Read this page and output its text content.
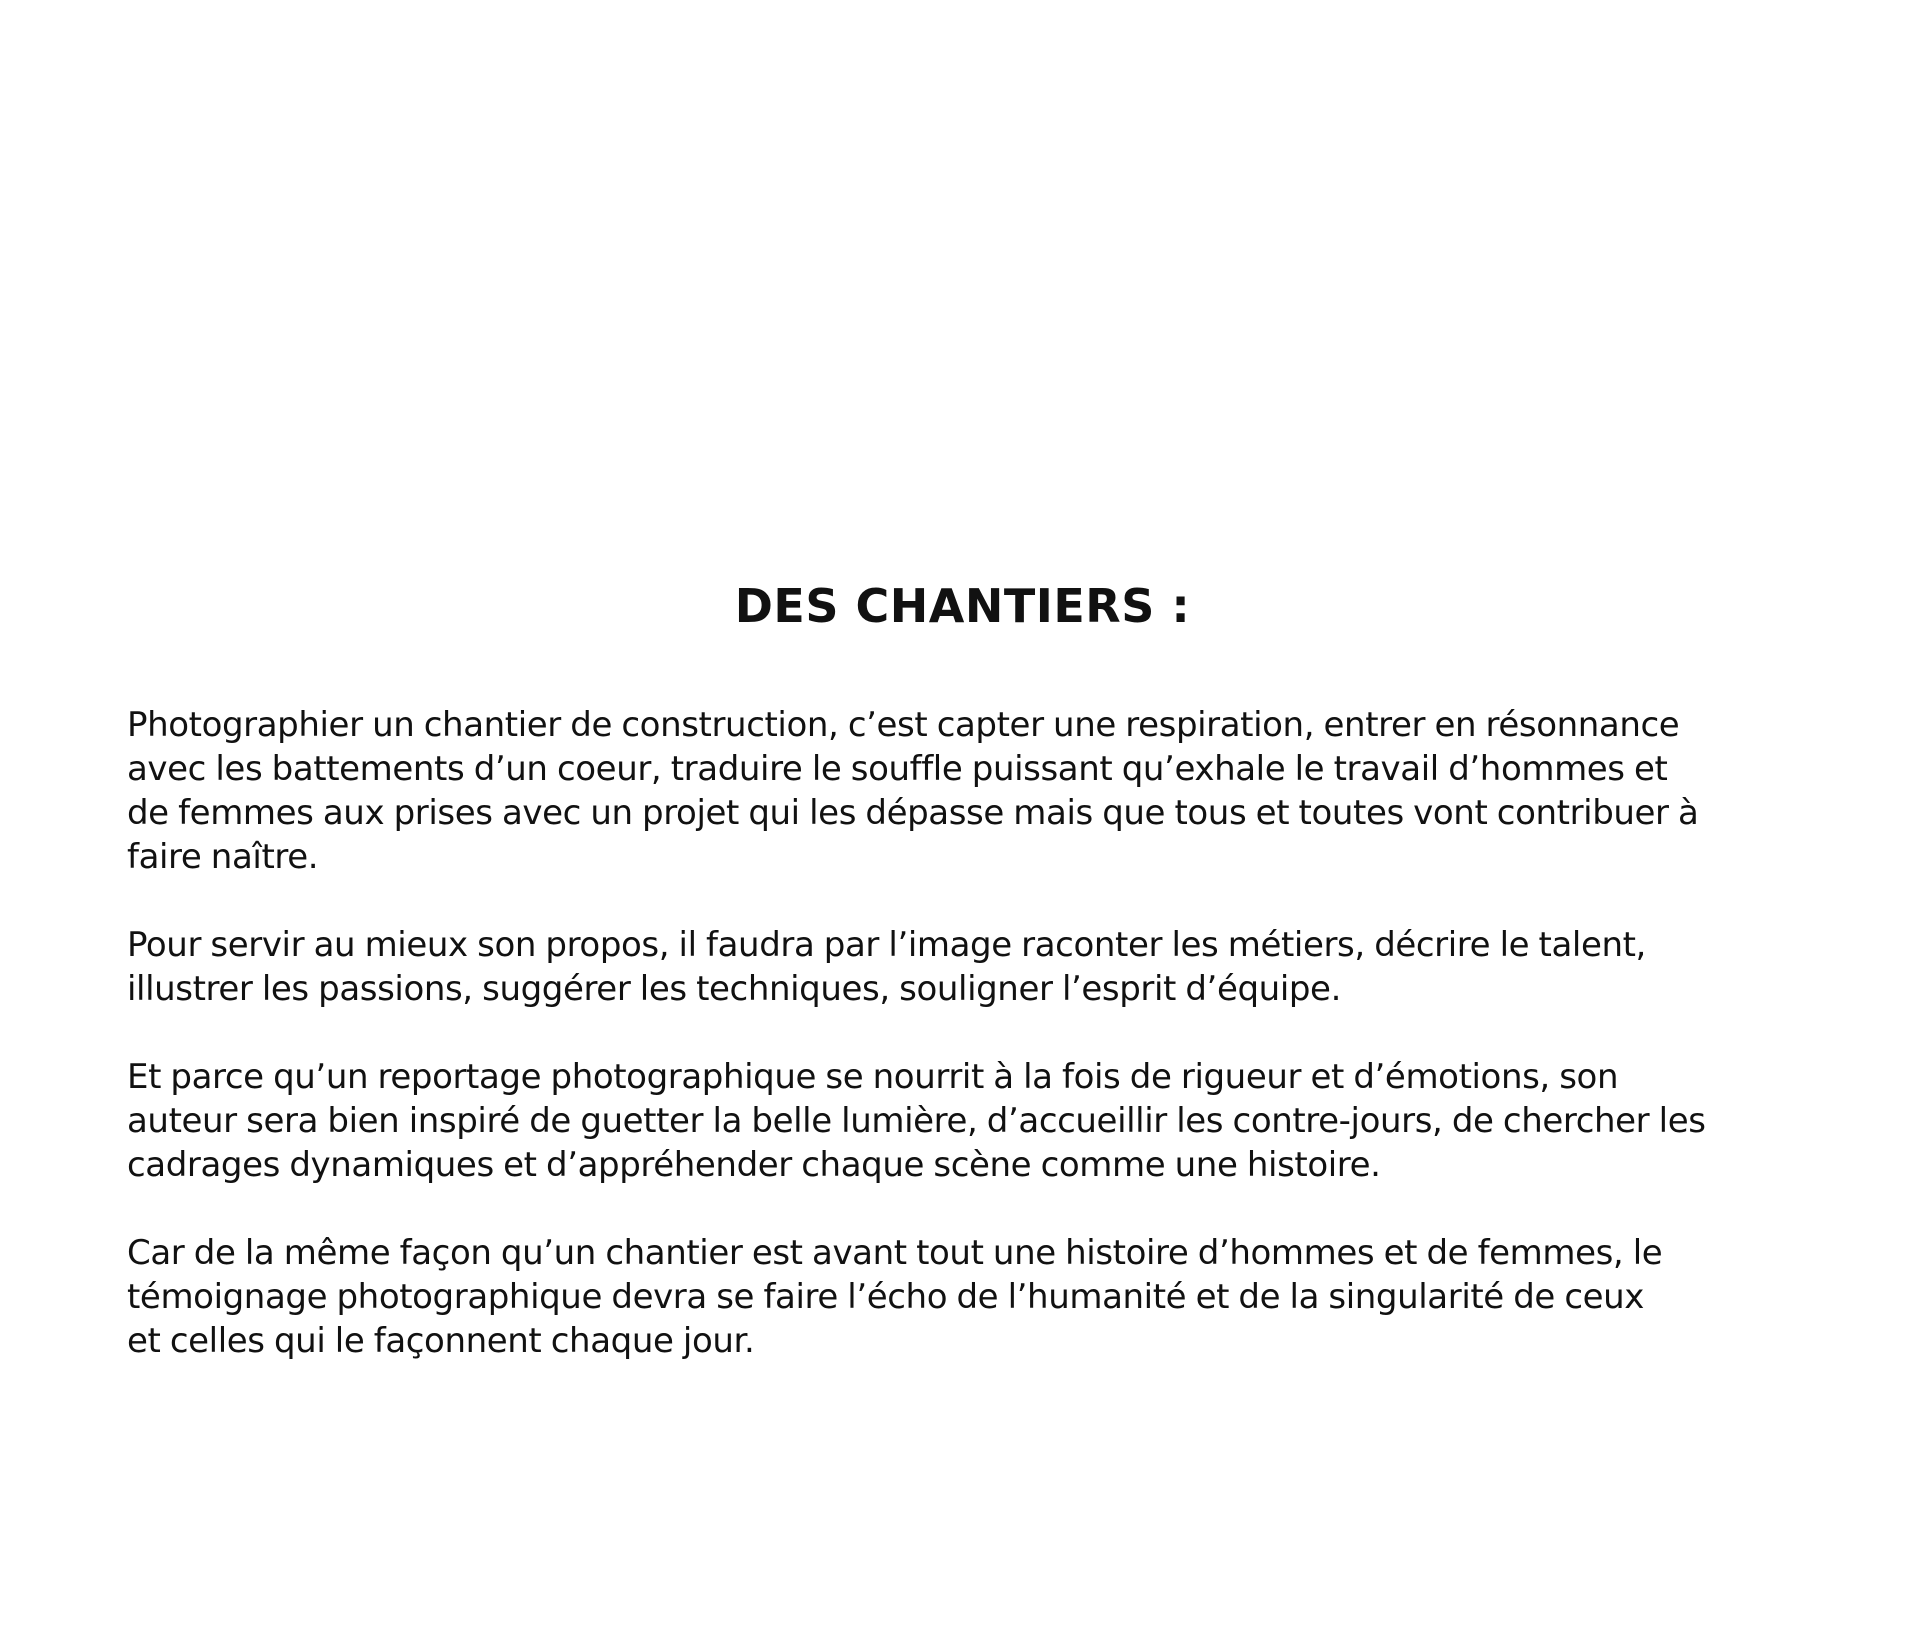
DES CHANTIERS :

Photographier un chantier de construction, c’est capter une respiration, entrer en résonnance
avec les battements d’un coeur, traduire le souffle puissant qu’exhale le travail d’hommes et
de femmes aux prises avec un projet qui les dépasse mais que tous et toutes vont contribuer à
faire naître.

Pour servir au mieux son propos, il faudra par l’image raconter les métiers, décrire le talent,
illustrer les passions, suggérer les techniques, souligner l’esprit d’équipe.

Et parce qu’un reportage photographique se nourrit à la fois de rigueur et d’émotions, son
auteur sera bien inspiré de guetter la belle lumière, d’accueillir les contre-jours, de chercher les
cadrages dynamiques et d’appréhender chaque scène comme une histoire.

Car de la même façon qu’un chantier est avant tout une histoire d’hommes et de femmes, le
témoignage photographique devra se faire l’écho de l’humanité et de la singularité de ceux
et celles qui le façonnent chaque jour.
